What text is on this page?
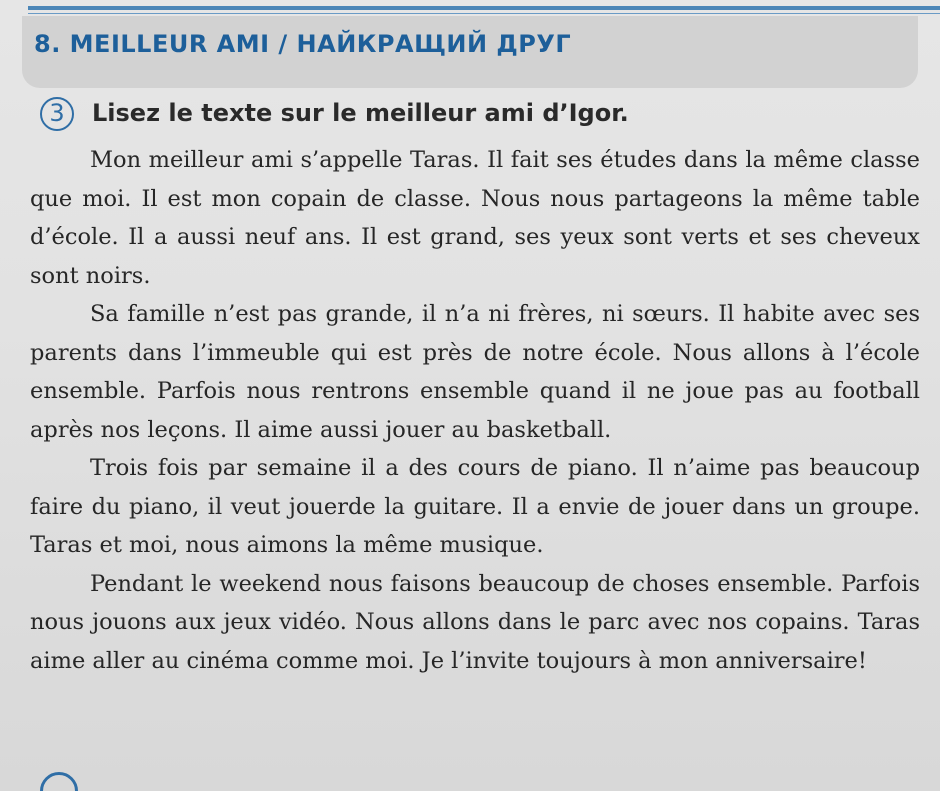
8. MEILLEUR AMI / НАЙКРАЩИЙ ДРУГ
3	Lisez le texte sur le meilleur ami d’Igor.

Mon meilleur ami s’appelle Taras. Il fait ses études dans la même classe que moi. Il est mon copain de classe. Nous nous partageons la même table d’école. Il a aussi neuf ans. Il est grand, ses yeux sont verts et ses cheveux sont noirs.

Sa famille n’est pas grande, il n’a ni frères, ni sœurs. Il habite avec ses parents dans l’immeuble qui est près de notre école. Nous allons à l’école ensemble. Parfois nous rentrons ensemble quand il ne joue pas au football après nos leçons. Il aime aussi jouer au basketball.

Trois fois par semaine il a des cours de piano. Il n’aime pas beaucoup faire du piano, il veut jouerde la guitare. Il a envie de jouer dans un groupe. Taras et moi, nous aimons la même musique.

Pendant le weekend nous faisons beaucoup de choses ensemble. Parfois nous jouons aux jeux vidéo. Nous allons dans le parc avec nos copains. Taras aime aller au cinéma comme moi. Je l’invite toujours à mon anniversaire!
